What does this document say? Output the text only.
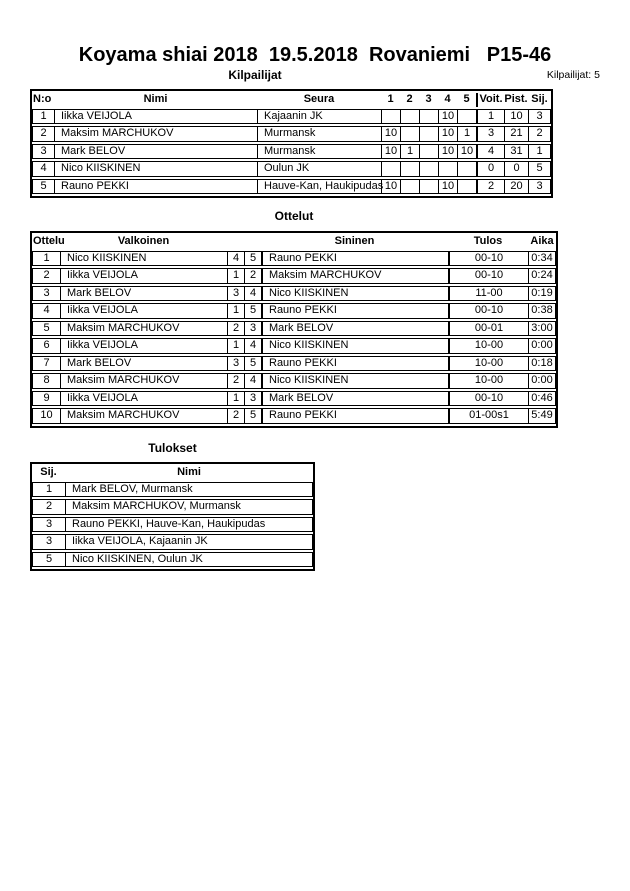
Koyama shiai 2018  19.5.2018  Rovaniemi   P15-46
Kilpailijat	Kilpailijat: 5
N:o	Nimi	Seura	1	2	3	4	5	Voit.	Pist.	Sij.
1	Iikka VEIJOLA	Kajaanin JK				10		1	10	3
2	Maksim MARCHUKOV	Murmansk	10			10	1	3	21	2
3	Mark BELOV	Murmansk	10	1		10	10	4	31	1
4	Nico KIISKINEN	Oulun JK						0	0	5
5	Rauno PEKKI	Hauve-Kan, Haukipudas	10			10		2	20	3
Ottelut
Ottelu	Valkoinen			Sininen	Tulos	Aika
1	Nico KIISKINEN	4	5	Rauno PEKKI	00-10	0:34
2	Iikka VEIJOLA	1	2	Maksim MARCHUKOV	00-10	0:24
3	Mark BELOV	3	4	Nico KIISKINEN	11-00	0:19
4	Iikka VEIJOLA	1	5	Rauno PEKKI	00-10	0:38
5	Maksim MARCHUKOV	2	3	Mark BELOV	00-01	3:00
6	Iikka VEIJOLA	1	4	Nico KIISKINEN	10-00	0:00
7	Mark BELOV	3	5	Rauno PEKKI	10-00	0:18
8	Maksim MARCHUKOV	2	4	Nico KIISKINEN	10-00	0:00
9	Iikka VEIJOLA	1	3	Mark BELOV	00-10	0:46
10	Maksim MARCHUKOV	2	5	Rauno PEKKI	01-00s1	5:49
Tulokset
Sij.	Nimi
1	Mark BELOV, Murmansk
2	Maksim MARCHUKOV, Murmansk
3	Rauno PEKKI, Hauve-Kan, Haukipudas
3	Iikka VEIJOLA, Kajaanin JK
5	Nico KIISKINEN, Oulun JK
